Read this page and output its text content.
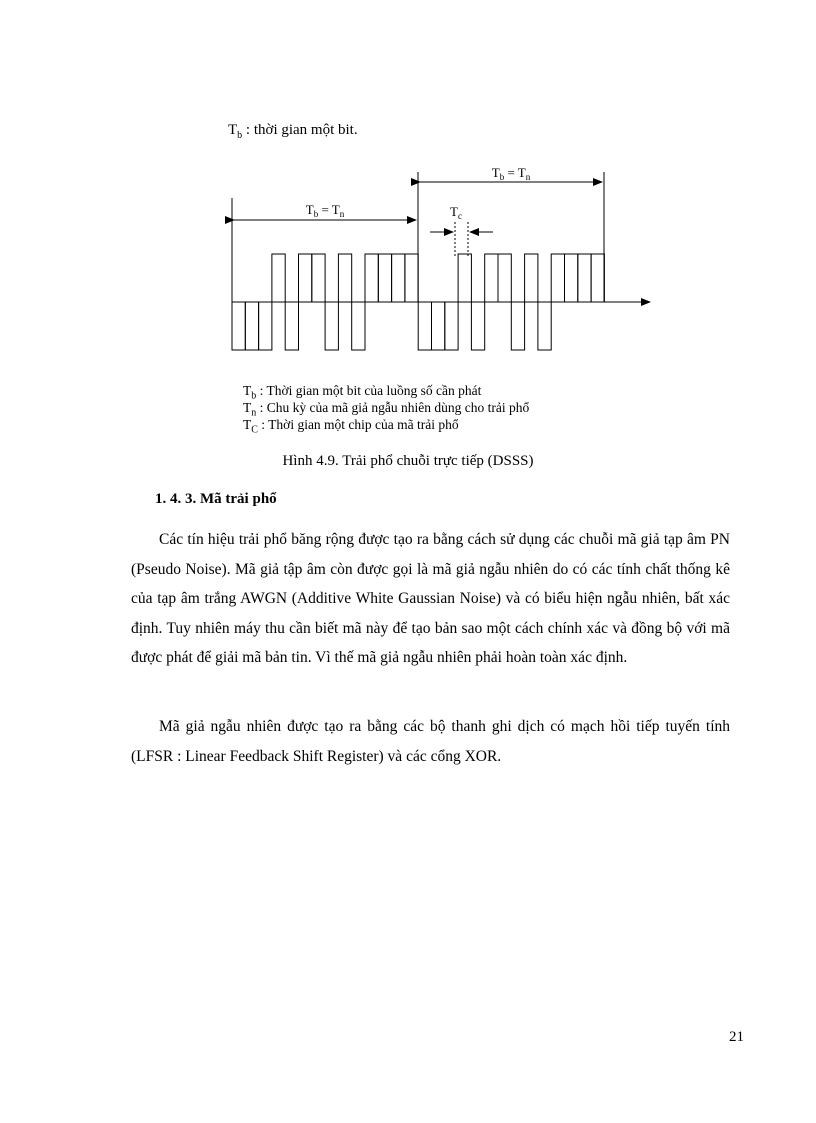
$T_b$ : thời gian một bit.
$T_b = T_n$
$T_b = T_n$
$T_c$
$T_b$ : Thời gian một bit của luồng số cần phát
$T_n$ : Chu kỳ của mã giả ngẫu nhiên dùng cho trải phổ
$T_C$ : Thời gian một chip của mã trải phổ
Hình 4.9. Trải phổ chuỗi trực tiếp (DSSS)
1. 4. 3. Mã trải phổ

Các tín hiệu trải phổ băng rộng được tạo ra bằng cách sử dụng các chuỗi mã giả tạp âm PN (Pseudo Noise). Mã giả tập âm còn được gọi là mã giả ngẫu nhiên do có các tính chất thống kê của tạp âm trắng AWGN (Additive White Gaussian Noise) và có biểu hiện ngẫu nhiên, bất xác định. Tuy nhiên máy thu cần biết mã này để tạo bản sao một cách chính xác và đồng bộ với mã được phát để giải mã bản tin. Vì thế mã giả ngẫu nhiên phải hoàn toàn xác định.

Mã giả ngẫu nhiên được tạo ra bằng các bộ thanh ghi dịch có mạch hồi tiếp tuyến tính (LFSR : Linear Feedback Shift Register) và các cổng XOR.

21
